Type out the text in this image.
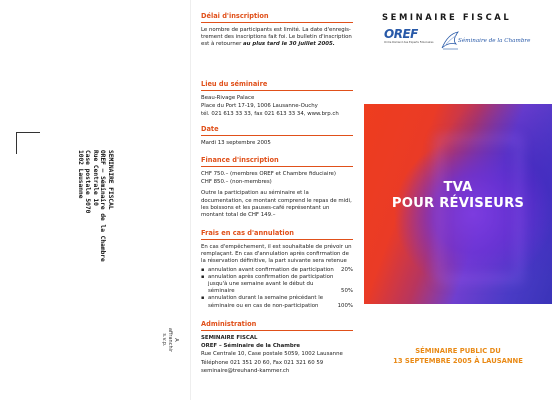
SEMINAIRE FISCAL
OREF – Séminaire de la Chambre
Rue Centrale 10
Case postale 5070
1002 Lausanne
A
affranchir
s.v.p.
Délai d'inscription

Le nombre de participants est limité. La date d'enregis-trement des inscriptions fait foi. Le bulletin d'inscription est à retourner au plus tard le 30 juillet 2005.

Lieu du séminaire

Beau-Rivage Palace

Place du Port 17-19, 1006 Lausanne-Ouchy

tél. 021 613 33 33, fax 021 613 33 34, www.brp.ch

Date

Mardi 13 septembre 2005

Finance d'inscription

CHF 750.– (membres OREF et Chambre fiduciaire)

CHF 850.– (non-membres)

Outre la participation au séminaire et la documentation, ce montant comprend le repas de midi, les boissons et les pauses-café représentant un montant total de CHF 149.–

Frais en cas d'annulation

En cas d'empêchement, il est souhaitable de prévoir un remplaçant. En cas d'annulation après confirmation de la réservation définitive, la part suivante sera retenue

▪ annulation avant confirmation de participation 20%
▪ annulation après confirmation de participation
jusqu'à une semaine avant le début du séminaire	50%
▪ annulation durant la semaine précédant le
séminaire ou en cas de non-participation	100%
Administration

SEMINAIRE FISCAL

OREF – Séminaire de la Chambre

Rue Centrale 10, Case postale 5059, 1002 Lausanne

Téléphone 021 351 20 60, Fax 021 321 60 59

seminaire@treuhand-kammer.ch

SEMINAIRE FISCAL
OREF
Ordre Romand des Experts Fiduciaires	Séminaire de la Chambre
TVA
POUR RÉVISEURS
SÉMINAIRE PUBLIC DU
13 SEPTEMBRE 2005 À LAUSANNE
